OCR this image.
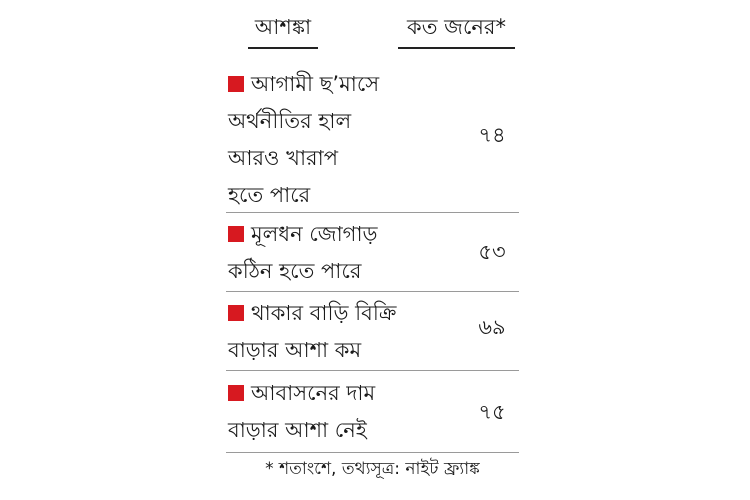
আশঙ্কা	কত জনের*
আগামী ছ’মাসে
অর্থনীতির হাল
আরও খারাপ
হতে পারে
৭৪
মূলধন জোগাড়
কঠিন হতে পারে
৫৩
থাকার বাড়ি বিক্রি
বাড়ার আশা কম
৬৯
আবাসনের দাম
বাড়ার আশা নেই
৭৫
* শতাংশে, তথ্যসূত্র: নাইট ফ্র্যাঙ্ক
